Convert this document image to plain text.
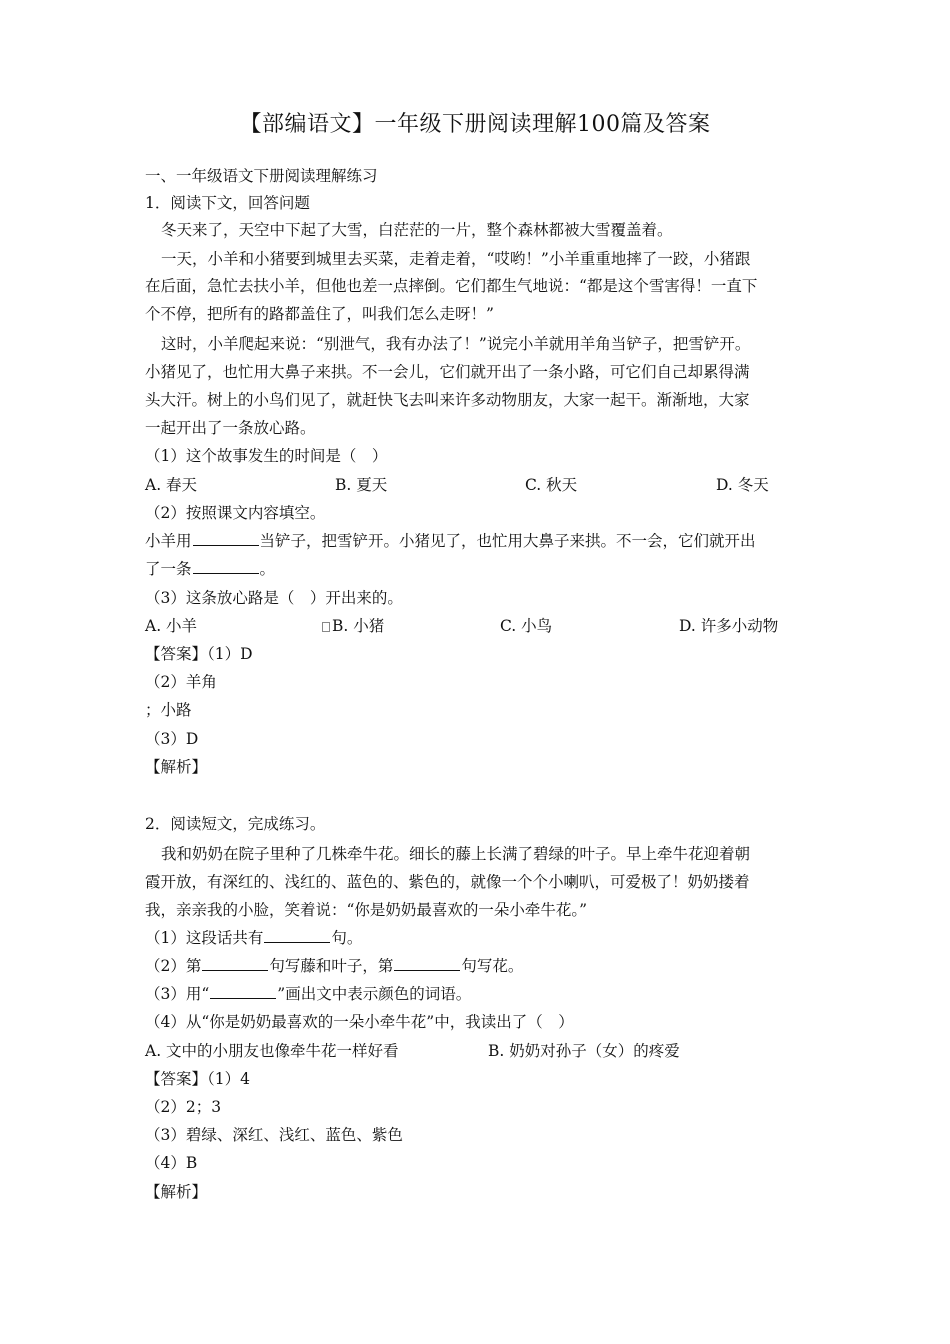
【部编语文】一年级下册阅读理解100篇及答案
一、一年级语文下册阅读理解练习
1．阅读下文，回答问题
冬天来了，天空中下起了大雪，白茫茫的一片，整个森林都被大雪覆盖着。
一天，小羊和小猪要到城里去买菜，走着走着，“哎哟！”小羊重重地摔了一跤，小猪跟
在后面，急忙去扶小羊，但他也差一点摔倒。它们都生气地说：“都是这个雪害得！一直下
个不停，把所有的路都盖住了，叫我们怎么走呀！”
这时，小羊爬起来说：“别泄气，我有办法了！”说完小羊就用羊角当铲子，把雪铲开。
小猪见了，也忙用大鼻子来拱。不一会儿，它们就开出了一条小路，可它们自己却累得满
头大汗。树上的小鸟们见了，就赶快飞去叫来许多动物朋友，大家一起干。渐渐地，大家
一起开出了一条放心路。
（1）这个故事发生的时间是（　）
A. 春天	B. 夏天	C. 秋天	D. 冬天
（2）按照课文内容填空。
小羊用	当铲子，把雪铲开。小猪见了，也忙用大鼻子来拱。不一会，它们就开出
了一条	。
（3）这条放心路是（　）开出来的。
A. 小羊	B. 小猪	C. 小鸟	D. 许多小动物
【答案】（1）D
（2）羊角
；小路
（3）D
【解析】
2．阅读短文，完成练习。
我和奶奶在院子里种了几株牵牛花。细长的藤上长满了碧绿的叶子。早上牵牛花迎着朝
霞开放，有深红的、浅红的、蓝色的、紫色的，就像一个个小喇叭，可爱极了！奶奶搂着
我，亲亲我的小脸，笑着说：“你是奶奶最喜欢的一朵小牵牛花。”
（1）这段话共有	句。
（2）第	句写藤和叶子，第	句写花。
（3）用“	”画出文中表示颜色的词语。
（4）从“你是奶奶最喜欢的一朵小牵牛花”中，我读出了（　）
A. 文中的小朋友也像牵牛花一样好看	B. 奶奶对孙子（女）的疼爱
【答案】（1）4
（2）2；3
（3）碧绿、深红、浅红、蓝色、紫色
（4）B
【解析】
